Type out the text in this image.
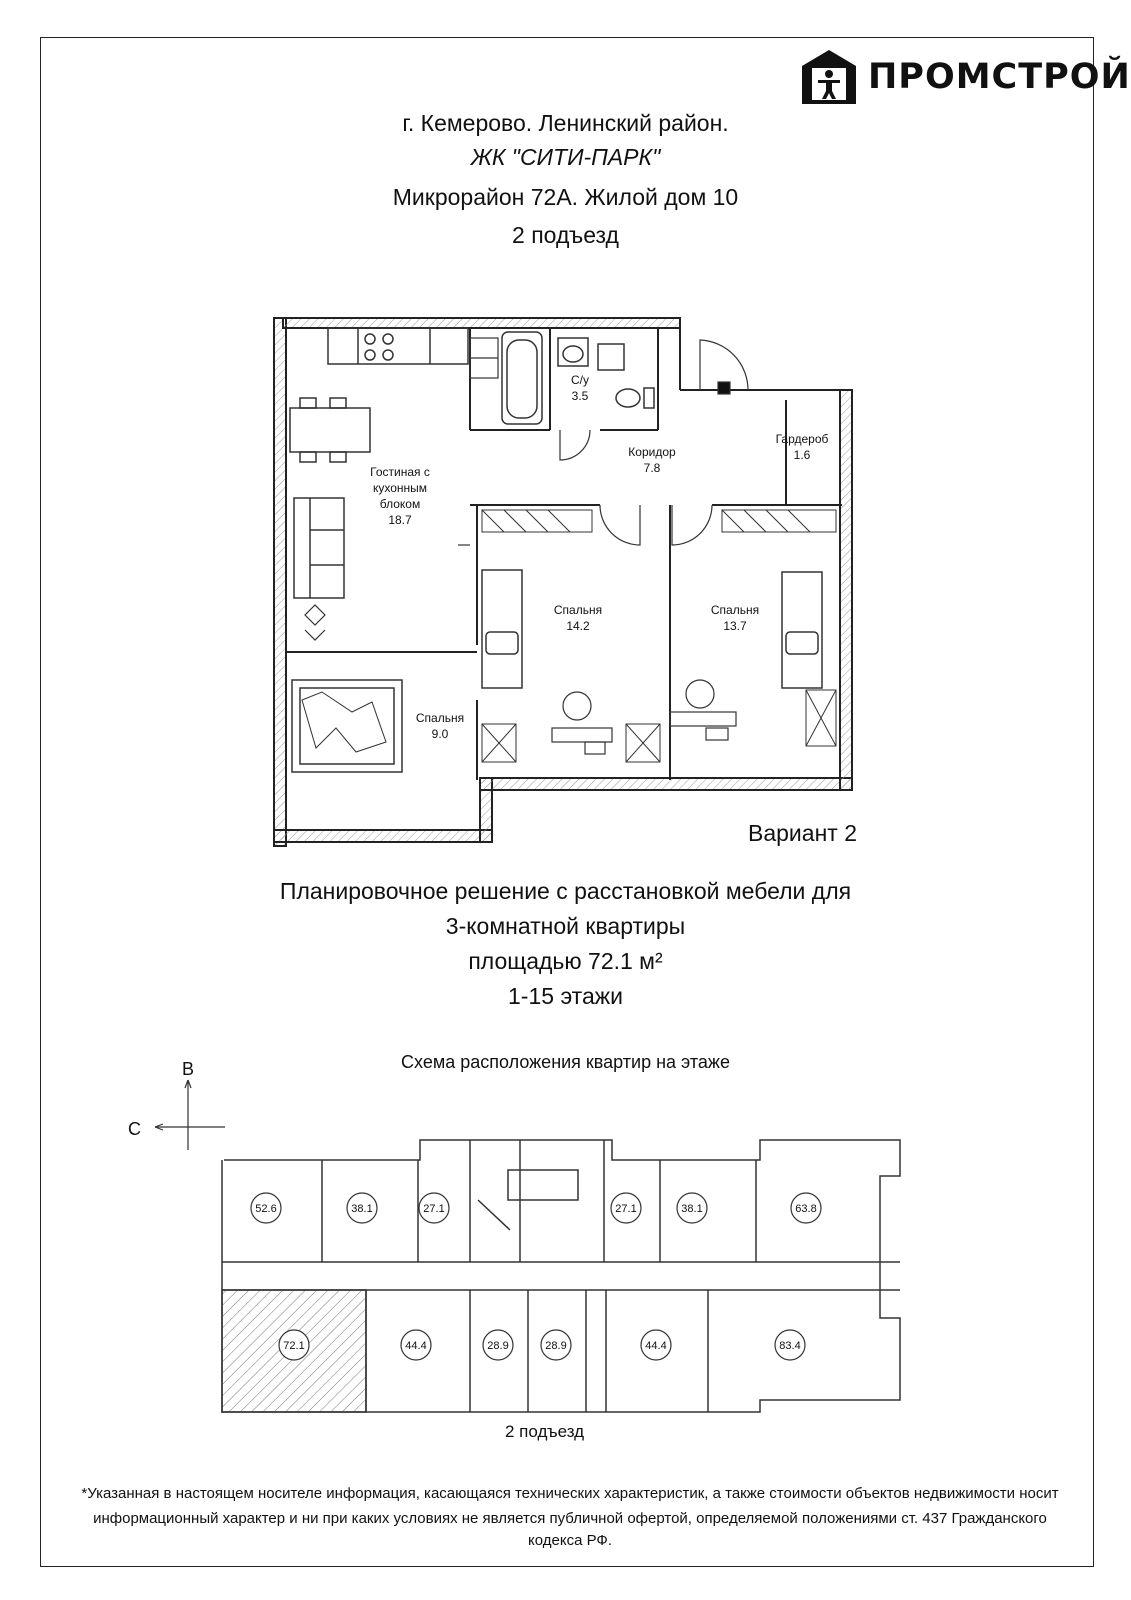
ПРОМСТРОЙ
г. Кемерово. Ленинский район.
ЖК "СИТИ-ПАРК"
Микрорайон 72А. Жилой дом 10
2 подъезд
С/у
3.5
Коридор
7.8
Гардероб
1.6
Гостиная с
кухонным
блоком
18.7
Спальня
14.2
Спальня
13.7
Спальня
9.0
В
С
52.6	38.1	27.1	27.1	38.1	63.8
72.1	44.4	28.9	28.9	44.4	83.4
Вариант 2
Планировочное решение с расстановкой мебели для
3-комнатной квартиры
площадью 72.1 м²
1-15 этажи
Схема расположения квартир на этаже
2 подъезд
*Указанная в настоящем носителе информация, касающаяся технических характеристик, а также стоимости объектов недвижимости носит
информационный характер и ни при каких условиях не является публичной офертой, определяемой положениями ст. 437 Гражданского кодекса РФ.
